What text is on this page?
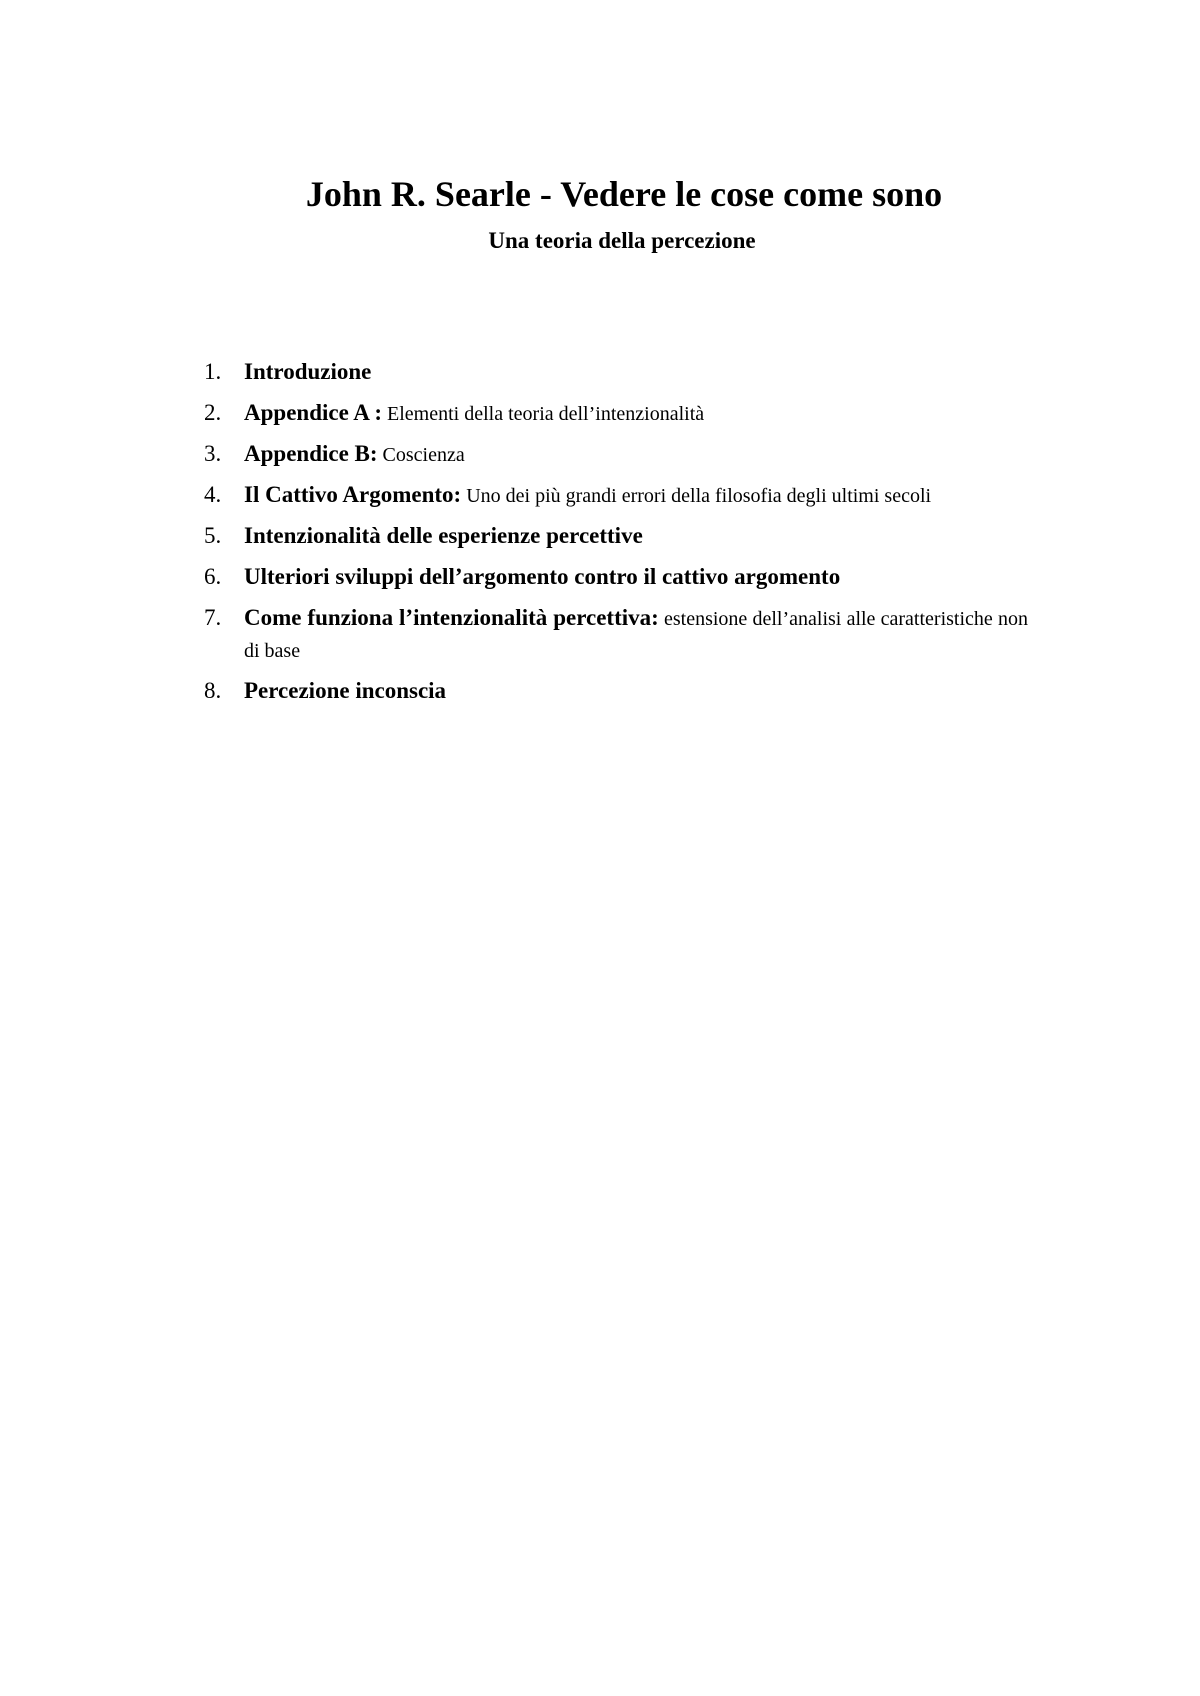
John R. Searle - Vedere le cose come sono
Una teoria della percezione
1. Introduzione
2. Appendice A : Elementi della teoria dell’intenzionalità
3. Appendice B: Coscienza
4. Il Cattivo Argomento: Uno dei più grandi errori della filosofia degli ultimi secoli
5. Intenzionalità delle esperienze percettive
6. Ulteriori sviluppi dell’argomento contro il cattivo argomento
7. Come funziona l’intenzionalità percettiva: estensione dell’analisi alle caratteristiche non di base
8. Percezione inconscia
